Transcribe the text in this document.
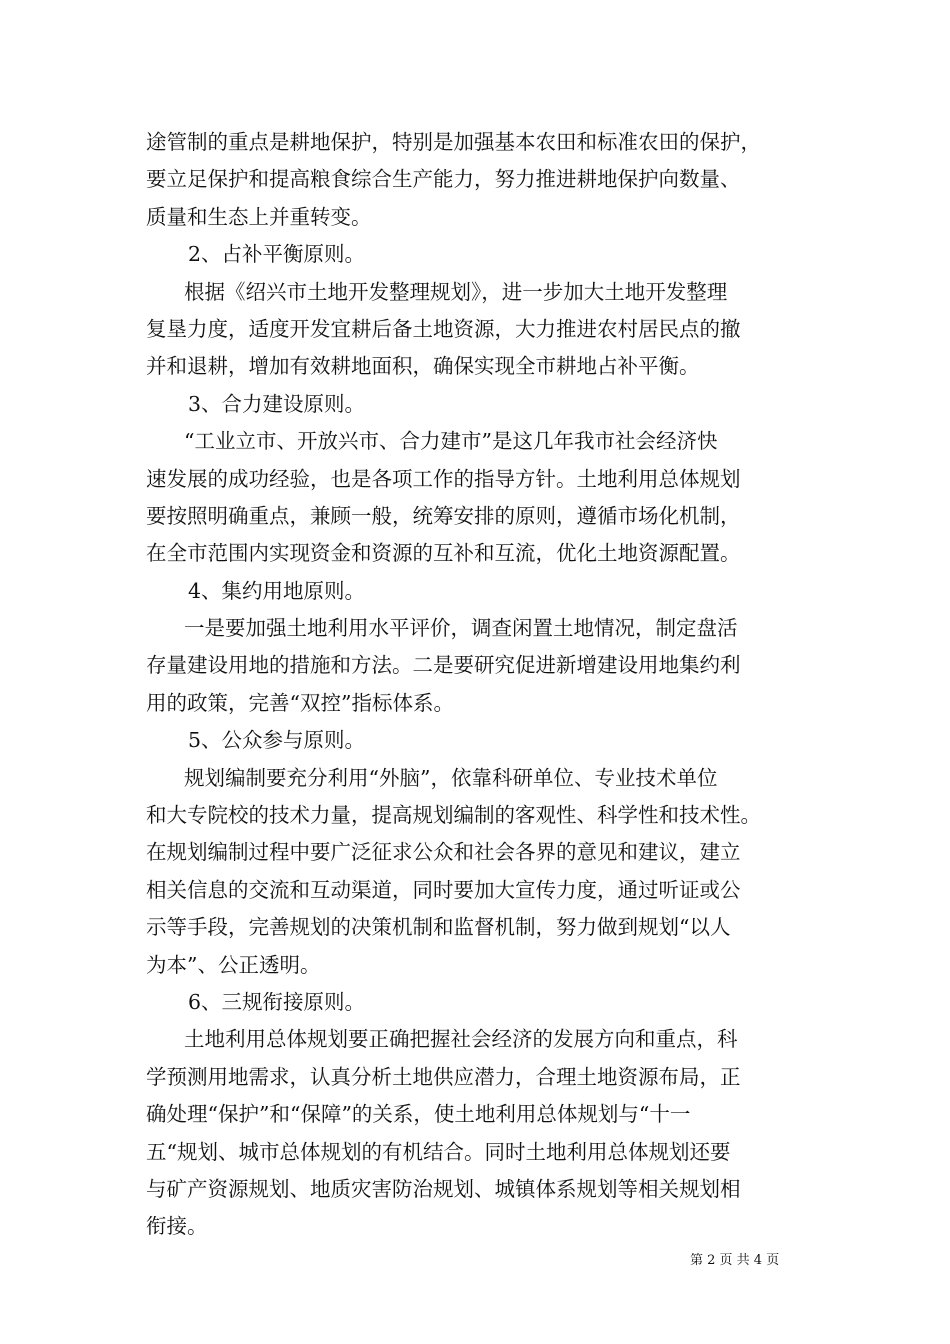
途管制的重点是耕地保护，特别是加强基本农田和标准农田的保护，
要立足保护和提高粮食综合生产能力，努力推进耕地保护向数量、
质量和生态上并重转变。
2、占补平衡原则。
根据《绍兴市土地开发整理规划》，进一步加大土地开发整理
复垦力度，适度开发宜耕后备土地资源，大力推进农村居民点的撤
并和退耕，增加有效耕地面积，确保实现全市耕地占补平衡。
3、合力建设原则。
“工业立市、开放兴市、合力建市”是这几年我市社会经济快
速发展的成功经验，也是各项工作的指导方针。土地利用总体规划
要按照明确重点，兼顾一般，统筹安排的原则，遵循市场化机制，
在全市范围内实现资金和资源的互补和互流，优化土地资源配置。
4、集约用地原则。
一是要加强土地利用水平评价，调查闲置土地情况，制定盘活
存量建设用地的措施和方法。二是要研究促进新增建设用地集约利
用的政策，完善“双控”指标体系。
5、公众参与原则。
规划编制要充分利用“外脑”，依靠科研单位、专业技术单位
和大专院校的技术力量，提高规划编制的客观性、科学性和技术性。
在规划编制过程中要广泛征求公众和社会各界的意见和建议，建立
相关信息的交流和互动渠道，同时要加大宣传力度，通过听证或公
示等手段，完善规划的决策机制和监督机制，努力做到规划“以人
为本”、公正透明。
6、三规衔接原则。
土地利用总体规划要正确把握社会经济的发展方向和重点，科
学预测用地需求，认真分析土地供应潜力，合理土地资源布局，正
确处理“保护”和“保障”的关系，使土地利用总体规划与“十一
五“规划、城市总体规划的有机结合。同时土地利用总体规划还要
与矿产资源规划、地质灾害防治规划、城镇体系规划等相关规划相
衔接。
第 2 页 共 4 页
